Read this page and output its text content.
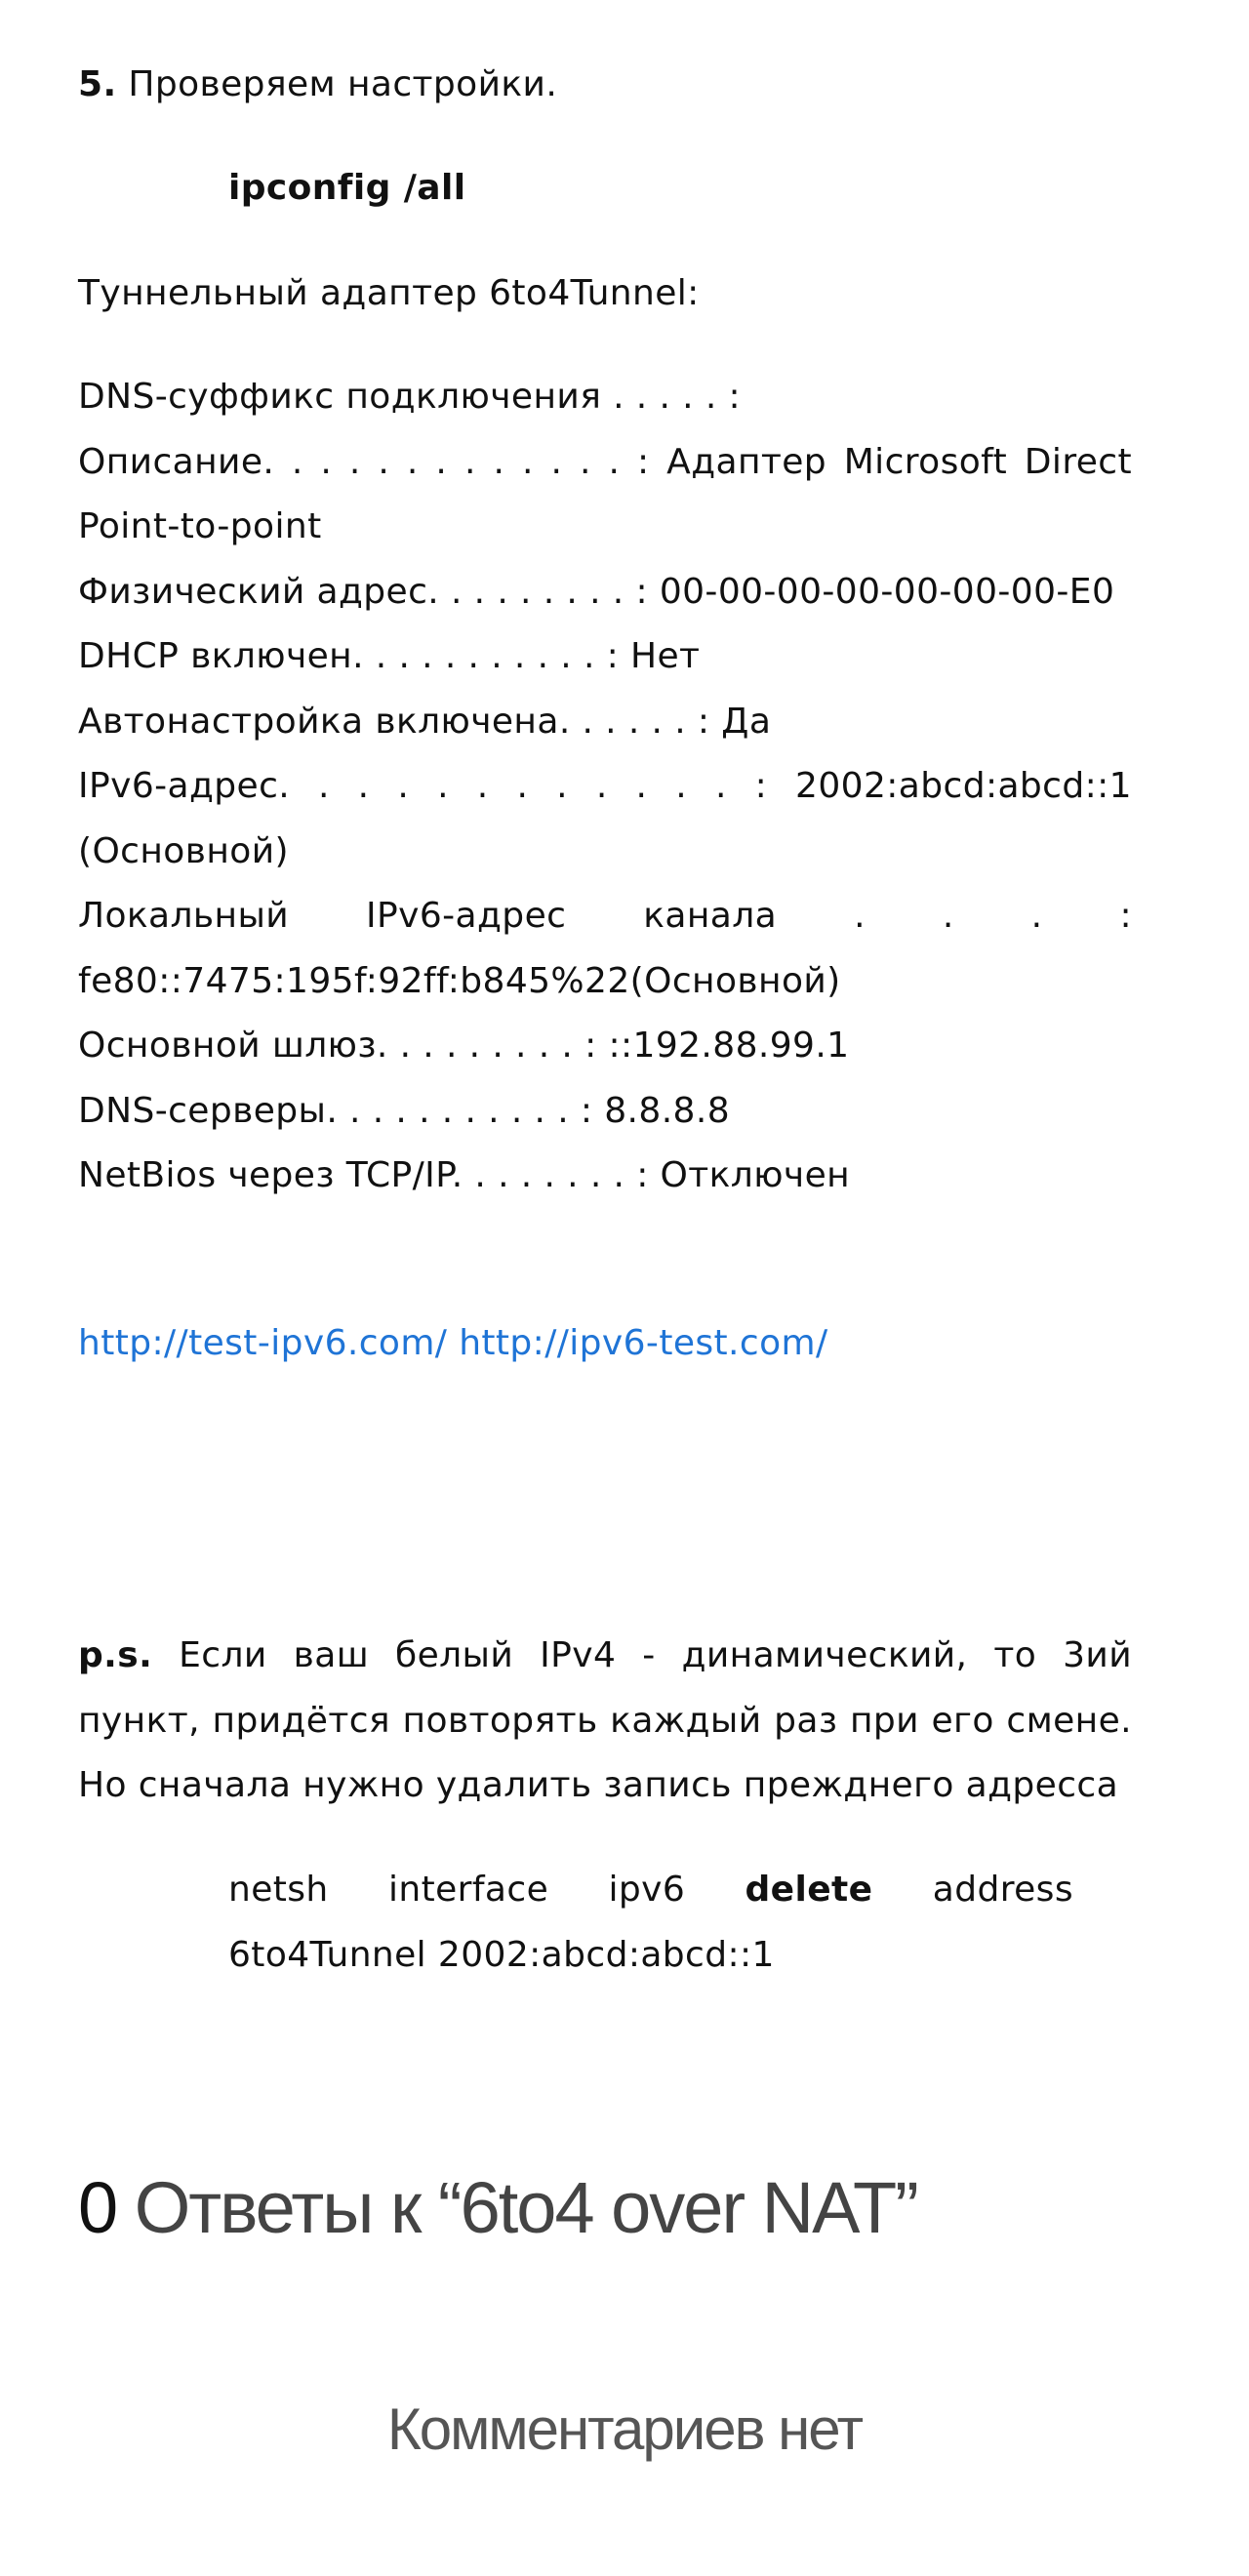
5. Проверяем настройки.

ipconfig /all

Туннельный адаптер 6to4Tunnel:

DNS-суффикс подключения . . . . . :
Описание. . . . . . . . . . . . . : Адаптер Microsoft Direct Point-to-point
Физический адрес. . . . . . . . . : 00-00-00-00-00-00-00-E0
DHCP включен. . . . . . . . . . . : Нет
Автонастройка включена. . . . . . : Да
IPv6-адрес. . . . . . . . . . . . : 2002:abcd:abcd::1 (Основной)
Локальный IPv6-адрес канала . . . : fe80::7475:195f:92ff:b845%22(Основной)
Основной шлюз. . . . . . . . . : ::192.88.99.1
DNS-серверы. . . . . . . . . . . : 8.8.8.8
NetBios через TCP/IP. . . . . . . . : Отключен

http://test-ipv6.com/ http://ipv6-test.com/

p.s. Если ваш белый IPv4 - динамический, то 3ий пункт, придётся повторять каждый раз при его смене. Но сначала нужно удалить запись прежднего адресса

netsh interface ipv6 delete address 6to4Tunnel 2002:abcd:abcd::1

0 Ответы к “6to4 over NAT”
Комментариев нет
